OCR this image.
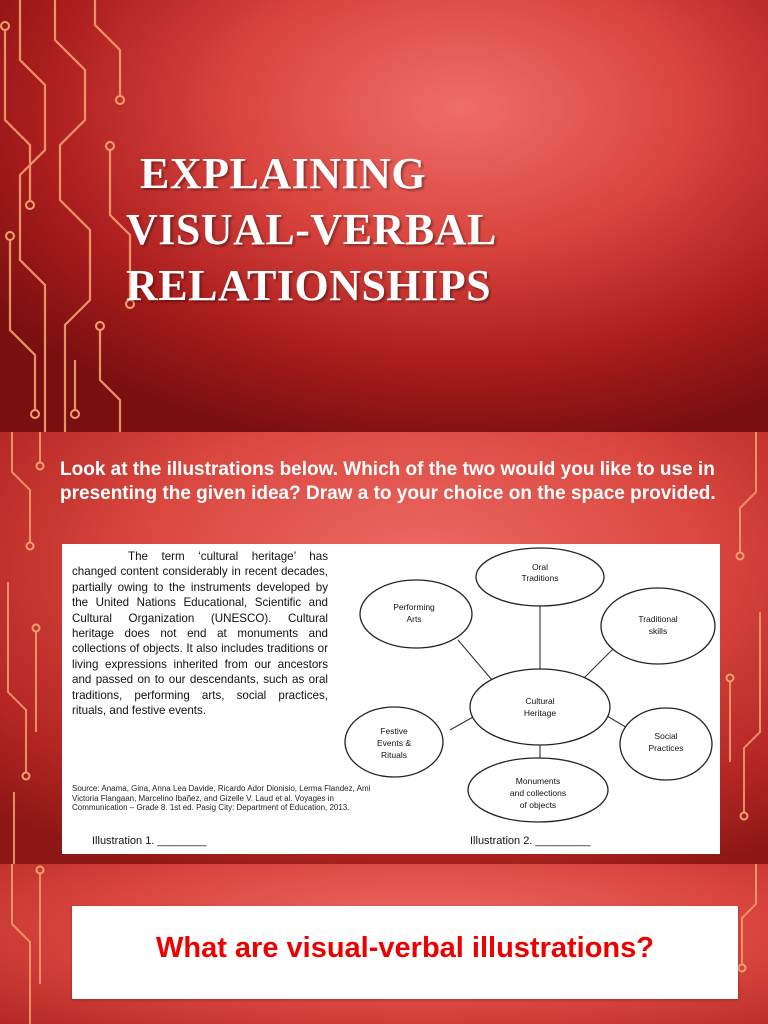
EXPLAINING
VISUAL-VERBAL
RELATIONSHIPS

Look at the illustrations below. Which of the two would you like to use in presenting the given idea? Draw a to your choice on the space provided.

The term ‘cultural heritage’ has changed content considerably in recent decades, partially owing to the instruments developed by the United Nations Educational, Scientific and Cultural Organization (UNESCO). Cultural heritage does not end at monuments and collections of objects. It also includes traditions or living expressions inherited from our ancestors and passed on to our descendants, such as oral traditions, performing arts, social practices, rituals, and festive events.

Source: Anama, Gina, Anna Lea Davide, Ricardo Ador Dionisio, Lerma Flandez, Ami Victoria Flangaan, Marcelino Ibañez, and Gizelle V. Laud et al. Voyages in Communication – Grade 8. 1st ed. Pasig City: Department of Education, 2013.

Illustration 1. ________	Illustration 2. _________

Cultural
Heritage
Oral
Traditions
Traditional
skills
Social
Practices
Monuments
and collections
of objects
Festive
Events &
Rituals
Performing
Arts

What are visual-verbal illustrations?
